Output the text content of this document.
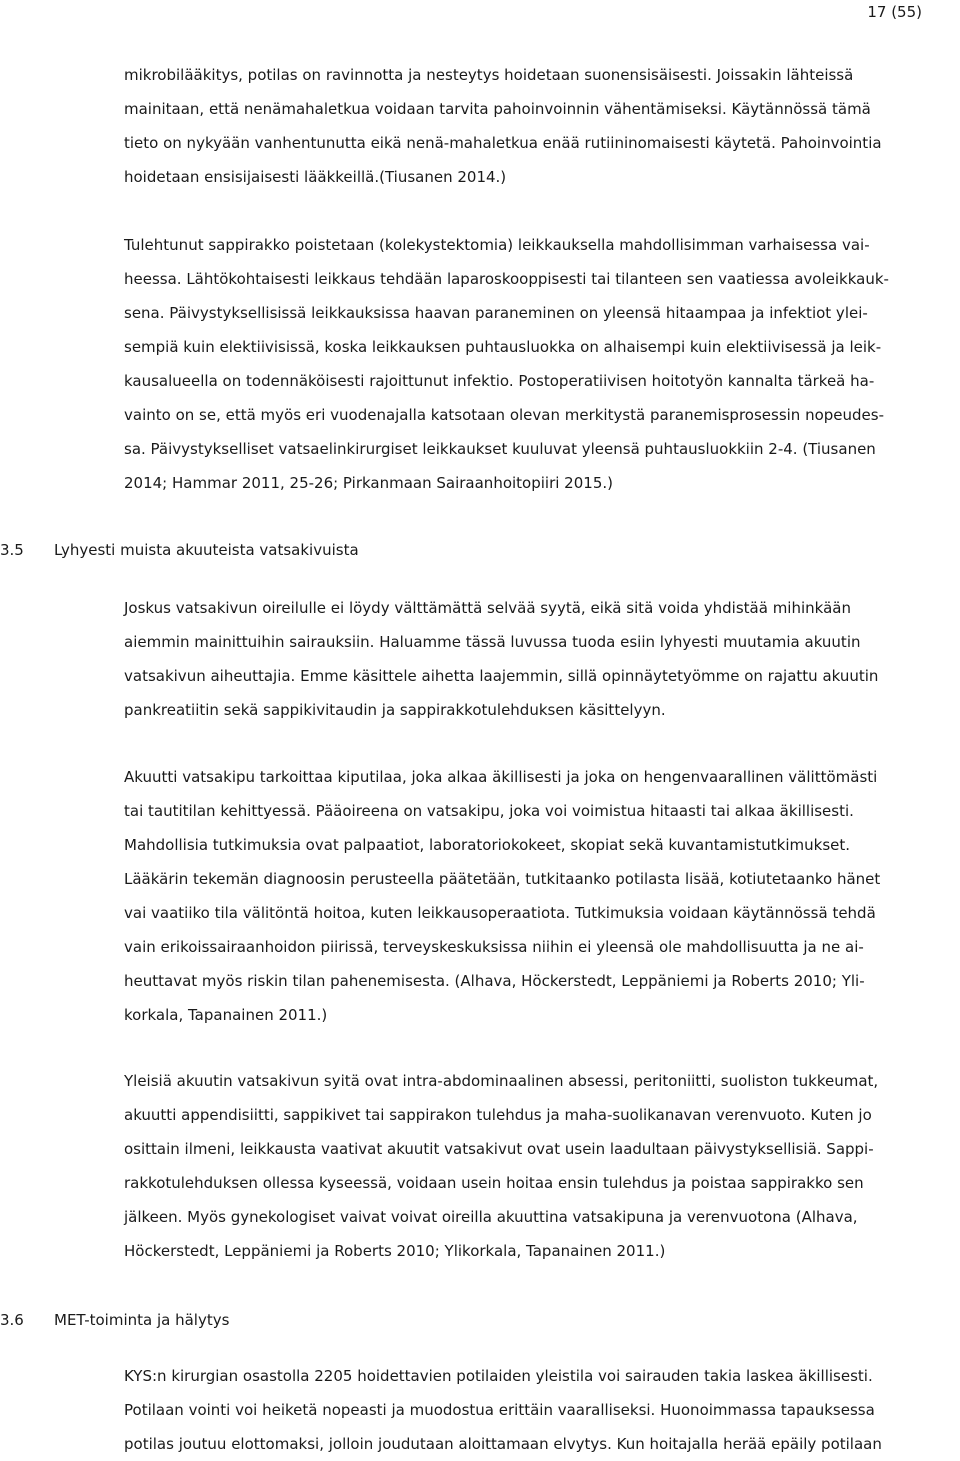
17 (55)

mikrobilääkitys, potilas on ravinnotta ja nesteytys hoidetaan suonensisäisesti. Joissakin lähteissä
mainitaan, että nenämahaletkua voidaan tarvita pahoinvoinnin vähentämiseksi. Käytännössä tämä
tieto on nykyään vanhentunutta eikä nenä-mahaletkua enää rutiininomaisesti käytetä. Pahoinvointia
hoidetaan ensisijaisesti lääkkeillä.(Tiusanen 2014.)

Tulehtunut sappirakko poistetaan (kolekystektomia) leikkauksella mahdollisimman varhaisessa vai-
heessa. Lähtökohtaisesti leikkaus tehdään laparoskooppisesti tai tilanteen sen vaatiessa avoleikkauk-
sena. Päivystyksellisissä leikkauksissa haavan paraneminen on yleensä hitaampaa ja infektiot ylei-
sempiä kuin elektiivisissä, koska leikkauksen puhtausluokka on alhaisempi kuin elektiivisessä ja leik-
kausalueella on todennäköisesti rajoittunut infektio. Postoperatiivisen hoitotyön kannalta tärkeä ha-
vainto on se, että myös eri vuodenajalla katsotaan olevan merkitystä paranemisprosessin nopeudes-
sa. Päivystykselliset vatsaelinkirurgiset leikkaukset kuuluvat yleensä puhtausluokkiin 2-4. (Tiusanen
2014; Hammar 2011, 25-26; Pirkanmaan Sairaanhoitopiiri 2015.)

3.5 Lyhyesti muista akuuteista vatsakivuista

Joskus vatsakivun oireilulle ei löydy välttämättä selvää syytä, eikä sitä voida yhdistää mihinkään
aiemmin mainittuihin sairauksiin. Haluamme tässä luvussa tuoda esiin lyhyesti muutamia akuutin
vatsakivun aiheuttajia. Emme käsittele aihetta laajemmin, sillä opinnäytetyömme on rajattu akuutin
pankreatiitin sekä sappikivitaudin ja sappirakkotulehduksen käsittelyyn.

Akuutti vatsakipu tarkoittaa kiputilaa, joka alkaa äkillisesti ja joka on hengenvaarallinen välittömästi
tai tautitilan kehittyessä. Pääoireena on vatsakipu, joka voi voimistua hitaasti tai alkaa äkillisesti.
Mahdollisia tutkimuksia ovat palpaatiot, laboratoriokokeet, skopiat sekä kuvantamistutkimukset.
Lääkärin tekemän diagnoosin perusteella päätetään, tutkitaanko potilasta lisää, kotiutetaanko hänet
vai vaatiiko tila välitöntä hoitoa, kuten leikkausoperaatiota. Tutkimuksia voidaan käytännössä tehdä
vain erikoissairaanhoidon piirissä, terveyskeskuksissa niihin ei yleensä ole mahdollisuutta ja ne ai-
heuttavat myös riskin tilan pahenemisesta. (Alhava, Höckerstedt, Leppäniemi ja Roberts 2010; Yli-
korkala, Tapanainen 2011.)

Yleisiä akuutin vatsakivun syitä ovat intra-abdominaalinen absessi, peritoniitti, suoliston tukkeumat,
akuutti appendisiitti, sappikivet tai sappirakon tulehdus ja maha-suolikanavan verenvuoto. Kuten jo
osittain ilmeni, leikkausta vaativat akuutit vatsakivut ovat usein laadultaan päivystyksellisiä. Sappi-
rakkotulehduksen ollessa kyseessä, voidaan usein hoitaa ensin tulehdus ja poistaa sappirakko sen
jälkeen. Myös gynekologiset vaivat voivat oireilla akuuttina vatsakipuna ja verenvuotona (Alhava,
Höckerstedt, Leppäniemi ja Roberts 2010; Ylikorkala, Tapanainen 2011.)

3.6 MET-toiminta ja hälytys

KYS:n kirurgian osastolla 2205 hoidettavien potilaiden yleistila voi sairauden takia laskea äkillisesti.
Potilaan vointi voi heiketä nopeasti ja muodostua erittäin vaaralliseksi. Huonoimmassa tapauksessa
potilas joutuu elottomaksi, jolloin joudutaan aloittamaan elvytys. Kun hoitajalla herää epäily potilaan
